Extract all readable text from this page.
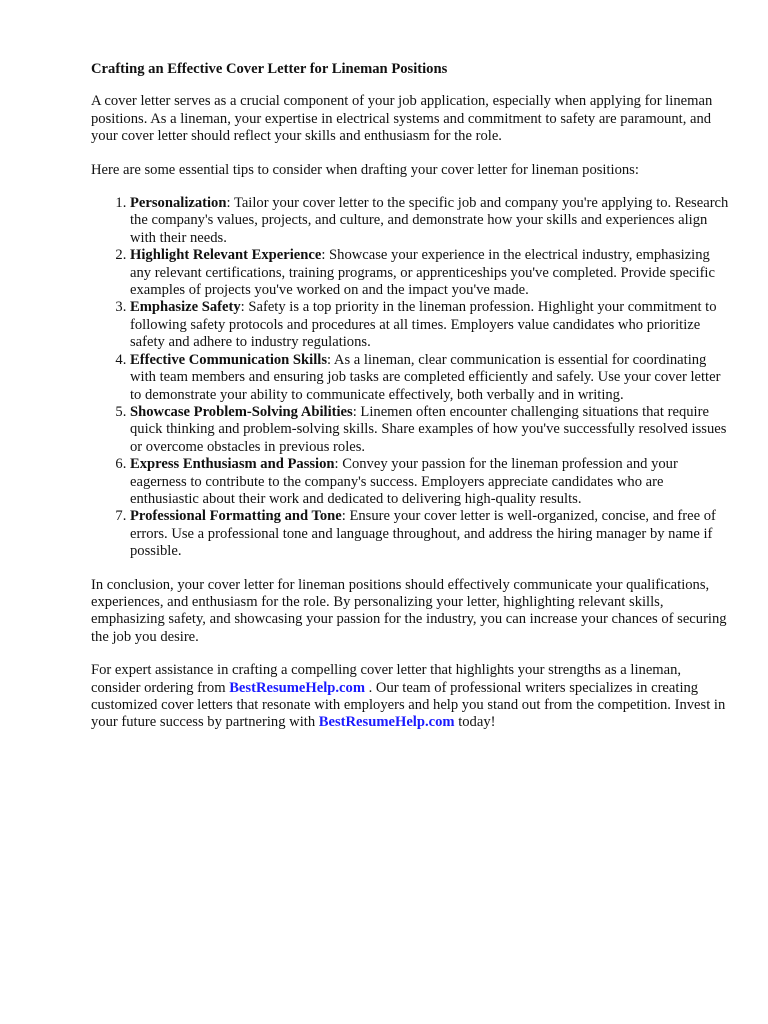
Crafting an Effective Cover Letter for Lineman Positions

A cover letter serves as a crucial component of your job application, especially when applying for lineman positions. As a lineman, your expertise in electrical systems and commitment to safety are paramount, and your cover letter should reflect your skills and enthusiasm for the role.

Here are some essential tips to consider when drafting your cover letter for lineman positions:

1. Personalization: Tailor your cover letter to the specific job and company you're applying to. Research the company's values, projects, and culture, and demonstrate how your skills and experiences align with their needs.
2. Highlight Relevant Experience: Showcase your experience in the electrical industry, emphasizing any relevant certifications, training programs, or apprenticeships you've completed. Provide specific examples of projects you've worked on and the impact you've made.
3. Emphasize Safety: Safety is a top priority in the lineman profession. Highlight your commitment to following safety protocols and procedures at all times. Employers value candidates who prioritize safety and adhere to industry regulations.
4. Effective Communication Skills: As a lineman, clear communication is essential for coordinating with team members and ensuring job tasks are completed efficiently and safely. Use your cover letter to demonstrate your ability to communicate effectively, both verbally and in writing.
5. Showcase Problem-Solving Abilities: Linemen often encounter challenging situations that require quick thinking and problem-solving skills. Share examples of how you've successfully resolved issues or overcome obstacles in previous roles.
6. Express Enthusiasm and Passion: Convey your passion for the lineman profession and your eagerness to contribute to the company's success. Employers appreciate candidates who are enthusiastic about their work and dedicated to delivering high-quality results.
7. Professional Formatting and Tone: Ensure your cover letter is well-organized, concise, and free of errors. Use a professional tone and language throughout, and address the hiring manager by name if possible.

In conclusion, your cover letter for lineman positions should effectively communicate your qualifications, experiences, and enthusiasm for the role. By personalizing your letter, highlighting relevant skills, emphasizing safety, and showcasing your passion for the industry, you can increase your chances of securing the job you desire.

For expert assistance in crafting a compelling cover letter that highlights your strengths as a lineman, consider ordering from BestResumeHelp.com . Our team of professional writers specializes in creating customized cover letters that resonate with employers and help you stand out from the competition. Invest in your future success by partnering with BestResumeHelp.com today!
